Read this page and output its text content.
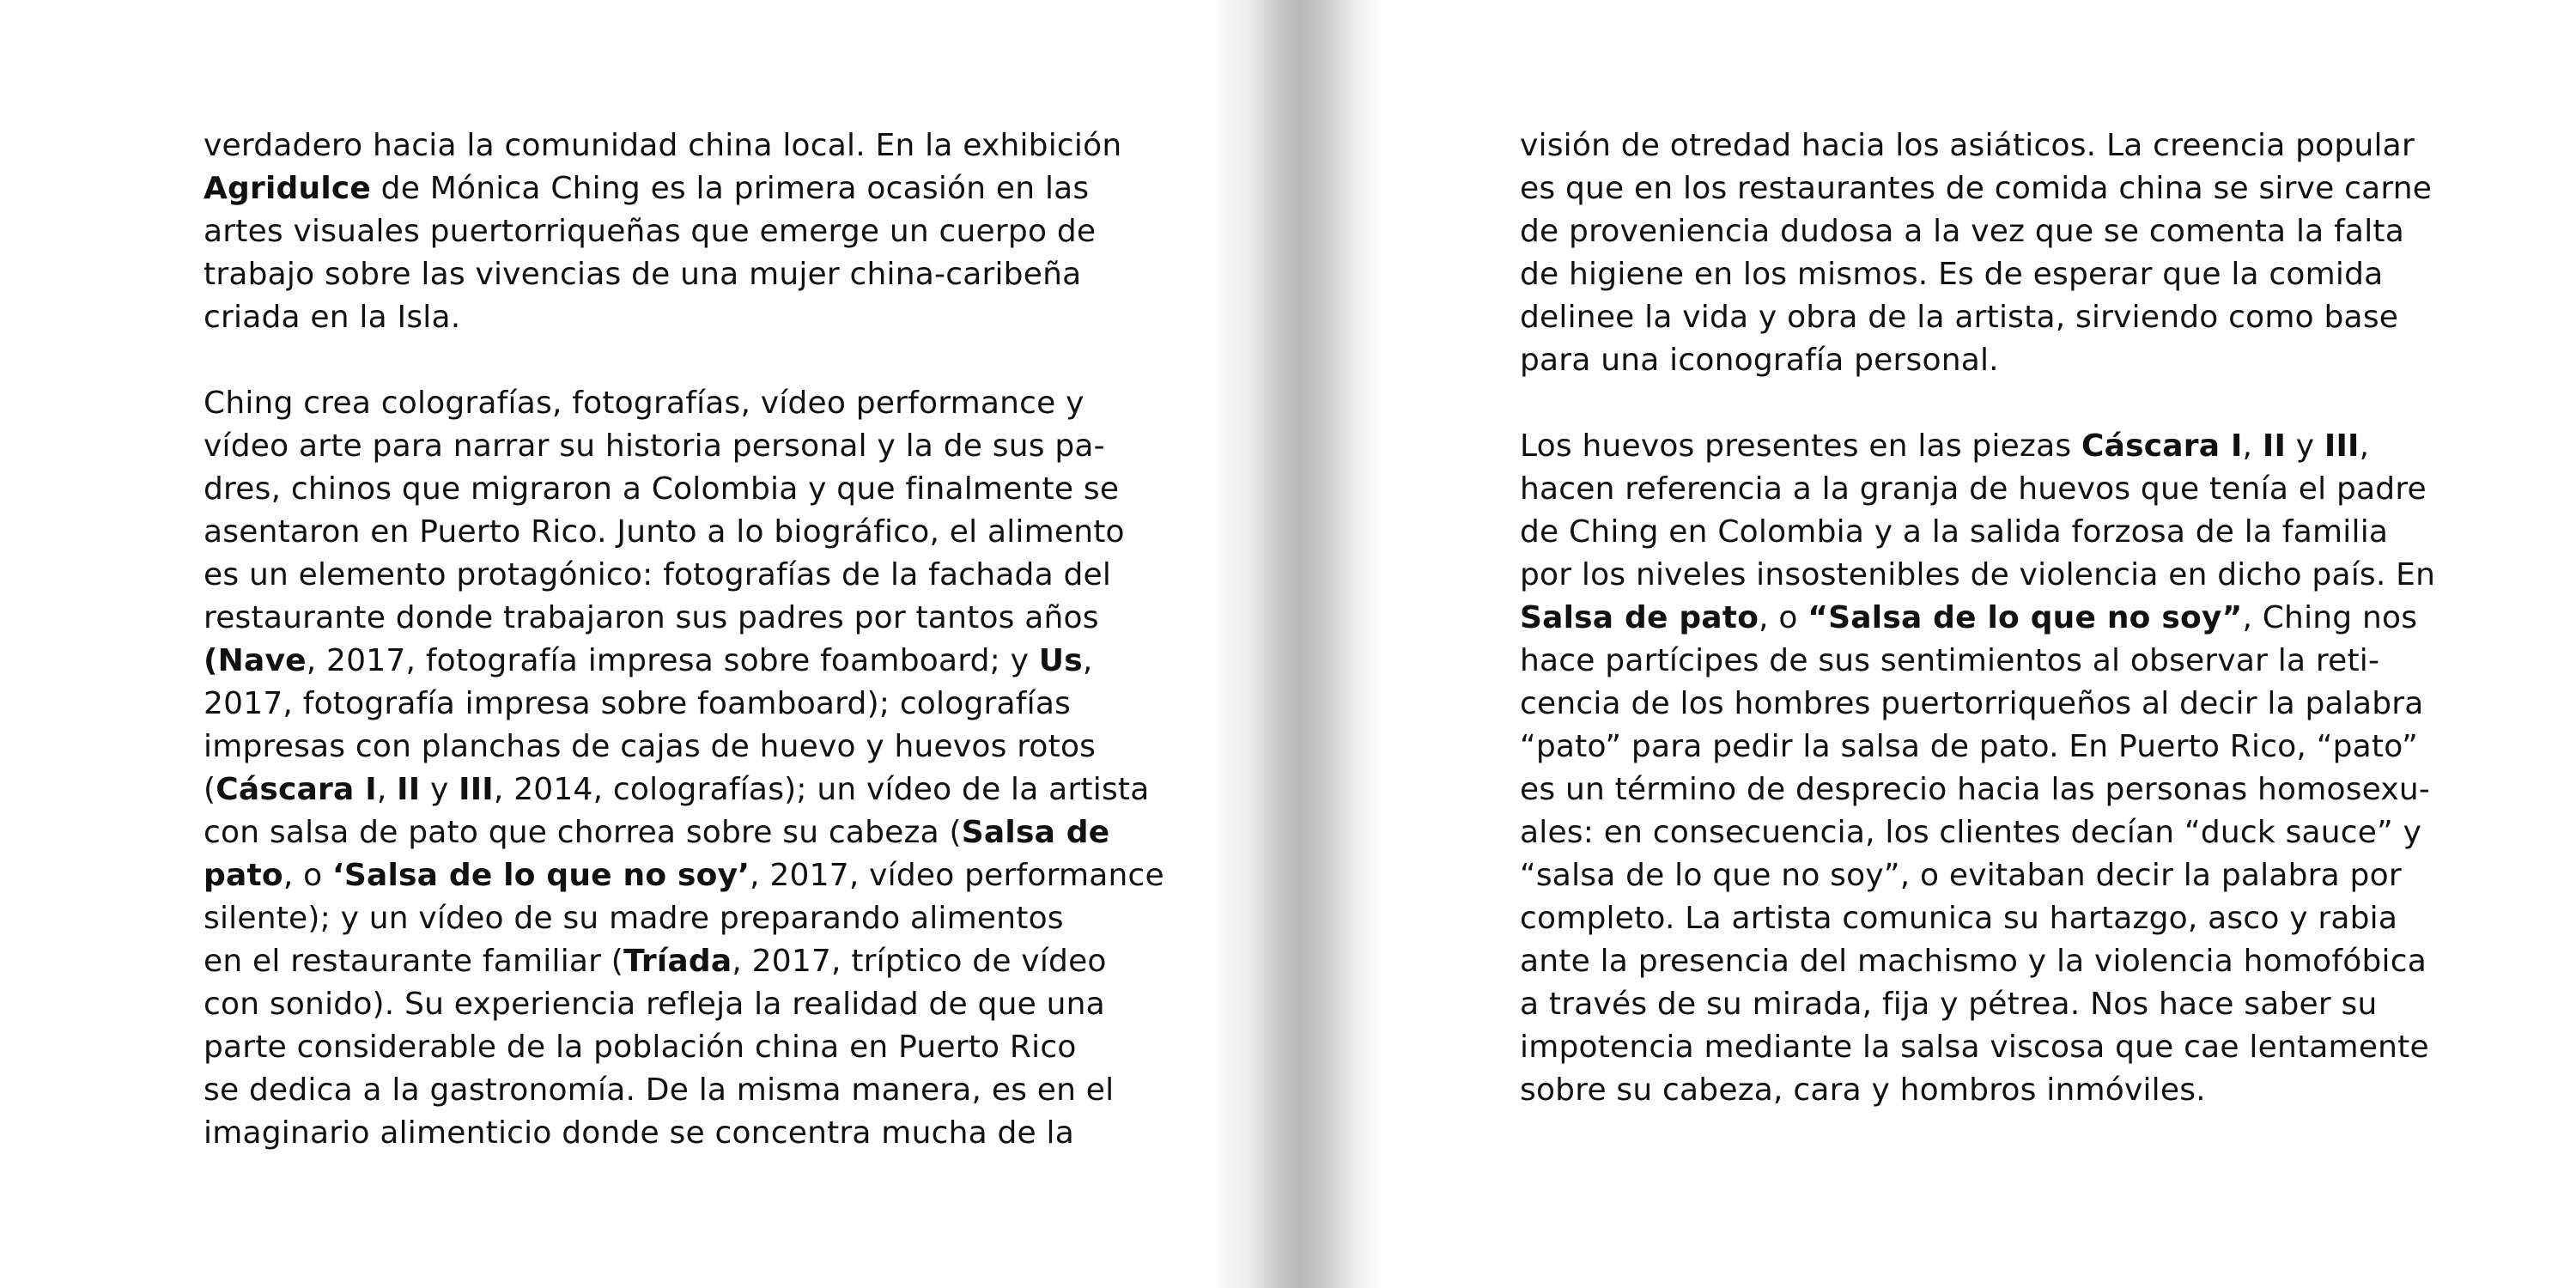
verdadero hacia la comunidad china local. En la exhibición
Agridulce de Mónica Ching es la primera ocasión en las
artes visuales puertorriqueñas que emerge un cuerpo de
trabajo sobre las vivencias de una mujer china-caribeña
criada en la Isla.
Ching crea colografías, fotografías, vídeo performance y
vídeo arte para narrar su historia personal y la de sus pa-
dres, chinos que migraron a Colombia y que finalmente se
asentaron en Puerto Rico. Junto a lo biográfico, el alimento
es un elemento protagónico: fotografías de la fachada del
restaurante donde trabajaron sus padres por tantos años
(Nave, 2017, fotografía impresa sobre foamboard; y Us,
2017, fotografía impresa sobre foamboard); colografías
impresas con planchas de cajas de huevo y huevos rotos
(Cáscara I, II y III, 2014, colografías); un vídeo de la artista
con salsa de pato que chorrea sobre su cabeza (Salsa de
pato, o ‘Salsa de lo que no soy’, 2017, vídeo performance
silente); y un vídeo de su madre preparando alimentos
en el restaurante familiar (Tríada, 2017, tríptico de vídeo
con sonido). Su experiencia refleja la realidad de que una
parte considerable de la población china en Puerto Rico
se dedica a la gastronomía. De la misma manera, es en el
imaginario alimenticio donde se concentra mucha de la
visión de otredad hacia los asiáticos. La creencia popular
es que en los restaurantes de comida china se sirve carne
de proveniencia dudosa a la vez que se comenta la falta
de higiene en los mismos. Es de esperar que la comida
delinee la vida y obra de la artista, sirviendo como base
para una iconografía personal.
Los huevos presentes en las piezas Cáscara I, II y III,
hacen referencia a la granja de huevos que tenía el padre
de Ching en Colombia y a la salida forzosa de la familia
por los niveles insostenibles de violencia en dicho país. En
Salsa de pato, o “Salsa de lo que no soy”, Ching nos
hace partícipes de sus sentimientos al observar la reti-
cencia de los hombres puertorriqueños al decir la palabra
“pato” para pedir la salsa de pato. En Puerto Rico, “pato”
es un término de desprecio hacia las personas homosexu-
ales: en consecuencia, los clientes decían “duck sauce” y
“salsa de lo que no soy”, o evitaban decir la palabra por
completo. La artista comunica su hartazgo, asco y rabia
ante la presencia del machismo y la violencia homofóbica
a través de su mirada, fija y pétrea. Nos hace saber su
impotencia mediante la salsa viscosa que cae lentamente
sobre su cabeza, cara y hombros inmóviles.
